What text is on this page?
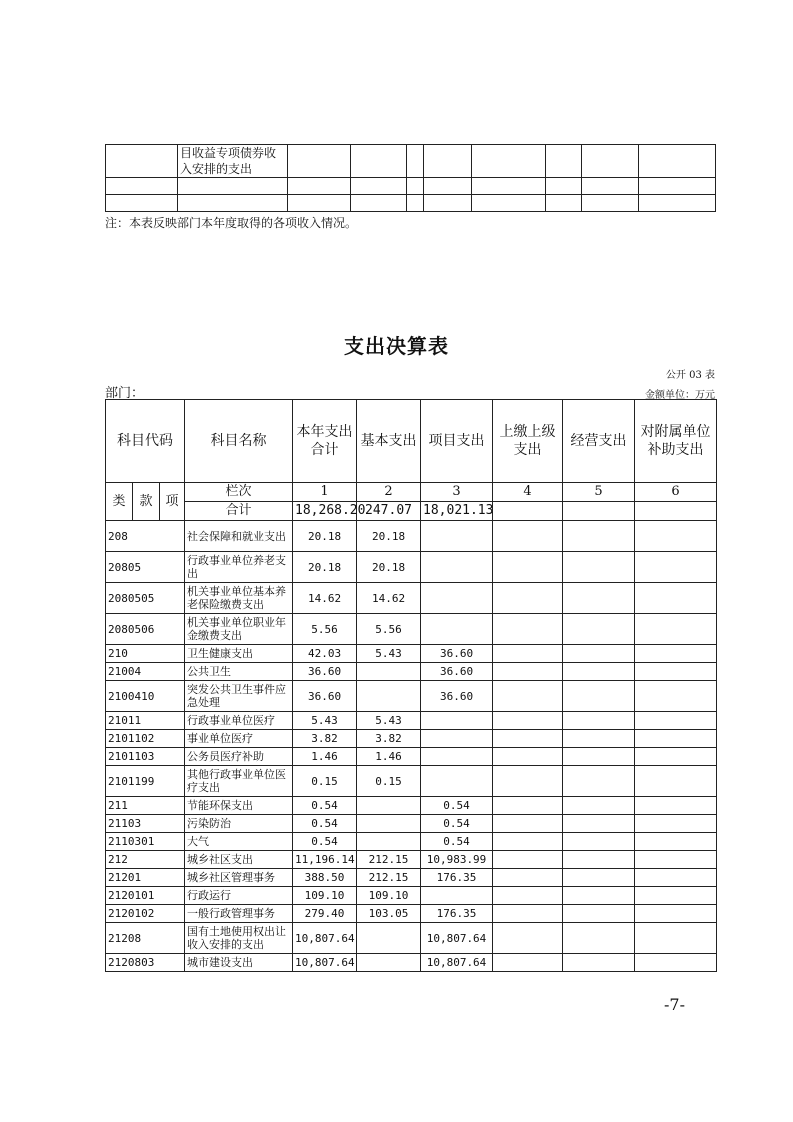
	目收益专项债券收入安排的支出								

注：本表反映部门本年度取得的各项收入情况。
支出决算表
公开 03 表
部门：	金额单位：万元
科目代码			科目名称	本年支出合计	基本支出	项目支出	上缴上级支出	经营支出	对附属单位补助支出
类	款	项	栏次	1	2	3	4	5	6
			合计	18,268.20	247.07	18,021.13			
208			社会保障和就业支出	20.18	20.18				
20805			行政事业单位养老支出	20.18	20.18				
2080505			机关事业单位基本养老保险缴费支出	14.62	14.62				
2080506			机关事业单位职业年金缴费支出	5.56	5.56				
210			卫生健康支出	42.03	5.43	36.60			
21004			公共卫生	36.60		36.60			
2100410			突发公共卫生事件应急处理	36.60		36.60			
21011			行政事业单位医疗	5.43	5.43				
2101102			事业单位医疗	3.82	3.82				
2101103			公务员医疗补助	1.46	1.46				
2101199			其他行政事业单位医疗支出	0.15	0.15				
211			节能环保支出	0.54		0.54			
21103			污染防治	0.54		0.54			
2110301			大气	0.54		0.54			
212			城乡社区支出	11,196.14	212.15	10,983.99			
21201			城乡社区管理事务	388.50	212.15	176.35			
2120101			行政运行	109.10	109.10				
2120102			一般行政管理事务	279.40	103.05	176.35			
21208			国有土地使用权出让收入安排的支出	10,807.64		10,807.64			
2120803			城市建设支出	10,807.64		10,807.64			
-7-
